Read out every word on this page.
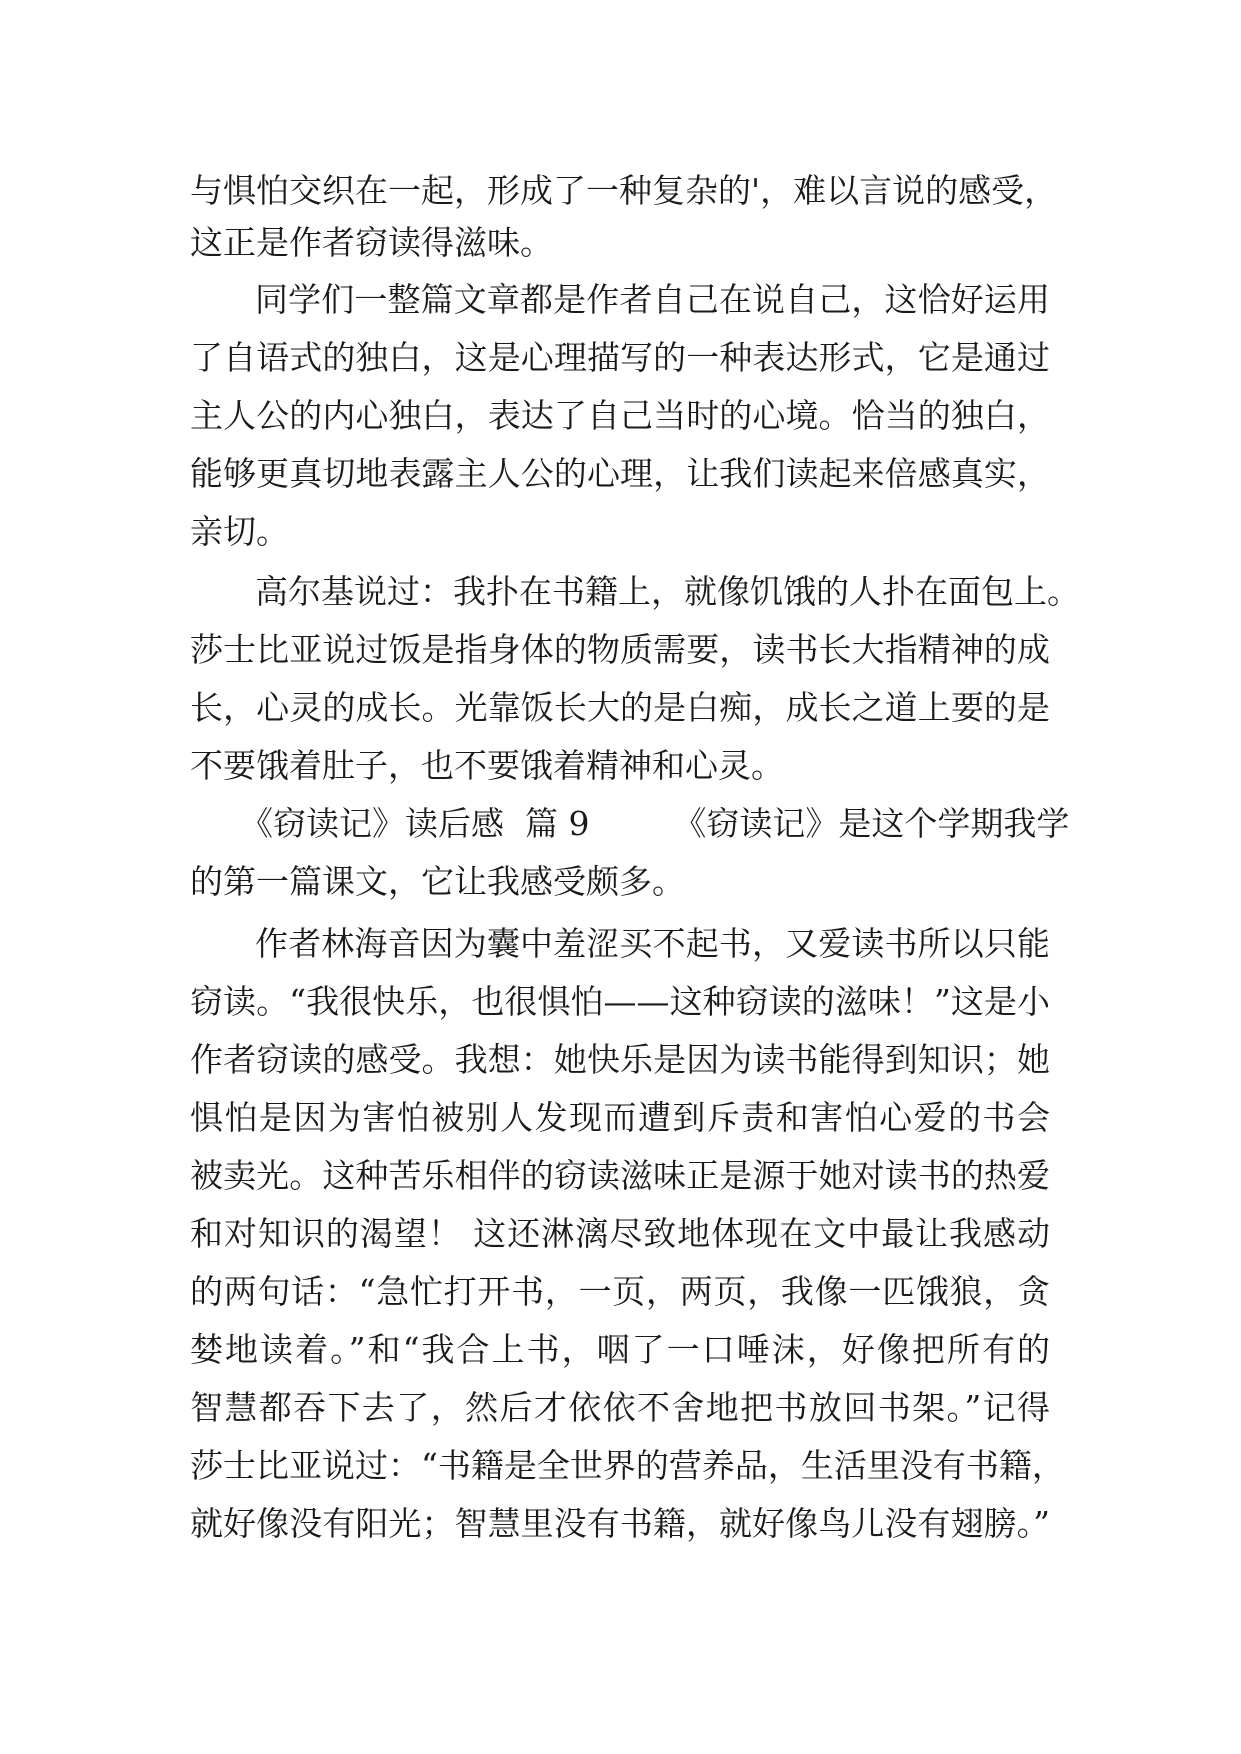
与惧怕交织在一起，形成了一种复杂的'，难以言说的感受，
这正是作者窃读得滋味。
同学们一整篇文章都是作者自己在说自己，这恰好运用
了自语式的独白，这是心理描写的一种表达形式，它是通过
主人公的内心独白，表达了自己当时的心境。恰当的独白，
能够更真切地表露主人公的心理，让我们读起来倍感真实，
亲切。
高尔基说过：我扑在书籍上，就像饥饿的人扑在面包上。
莎士比亚说过饭是指身体的物质需要，读书长大指精神的成
长，心灵的成长。光靠饭长大的是白痴，成长之道上要的是
不要饿着肚子，也不要饿着精神和心灵。
《窃读记》读后感  篇 9        《窃读记》是这个学期我学
的第一篇课文，它让我感受颇多。
作者林海音因为囊中羞涩买不起书，又爱读书所以只能
窃读。“我很快乐，也很惧怕——这种窃读的滋味！”这是小
作者窃读的感受。我想：她快乐是因为读书能得到知识；她
惧怕是因为害怕被别人发现而遭到斥责和害怕心爱的书会
被卖光。这种苦乐相伴的窃读滋味正是源于她对读书的热爱
和对知识的渴望！ 这还淋漓尽致地体现在文中最让我感动
的两句话：“急忙打开书，一页，两页，我像一匹饿狼，贪
婪地读着。”和“我合上书，咽了一口唾沫，好像把所有的
智慧都吞下去了，然后才依依不舍地把书放回书架。”记得
莎士比亚说过：“书籍是全世界的营养品，生活里没有书籍，
就好像没有阳光；智慧里没有书籍，就好像鸟儿没有翅膀。”
